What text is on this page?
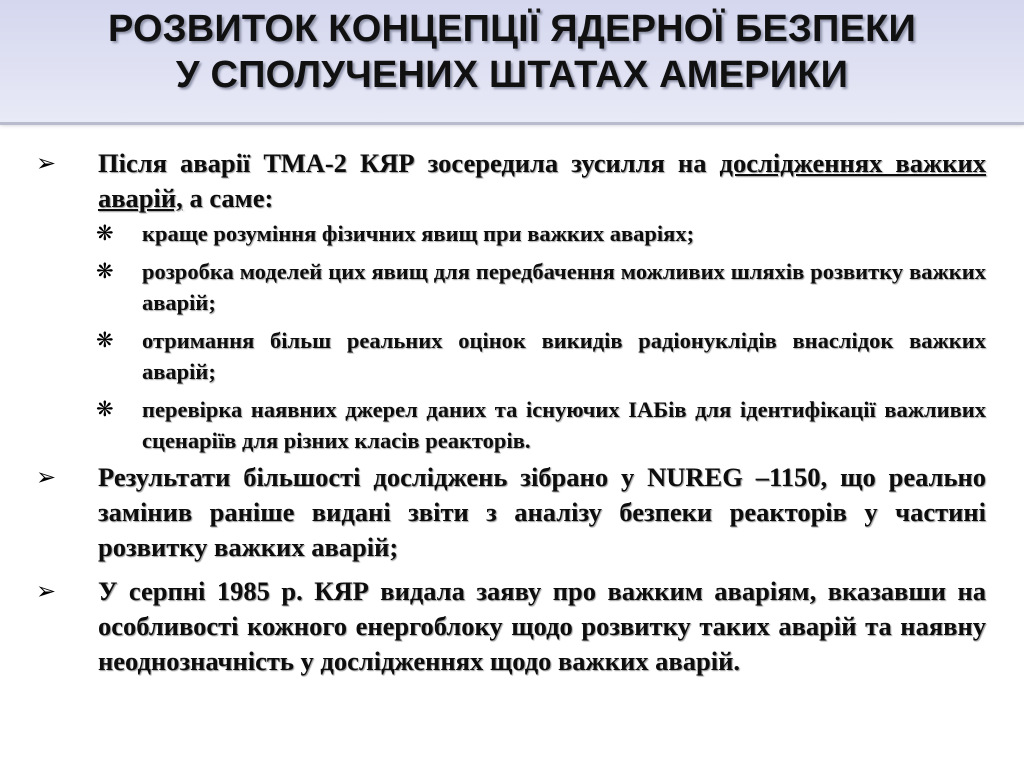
РОЗВИТОК КОНЦЕПЦІЇ ЯДЕРНОЇ БЕЗПЕКИ
У СПОЛУЧЕНИХ ШТАТАХ АМЕРИКИ

➢ Після аварії ТМА-2 КЯР зосередила зусилля на дослідженнях важких аварій, а саме:

❋ краще розуміння фізичних явищ при важких аваріях;

❋ розробка моделей цих явищ для передбачення можливих шляхів розвитку важких аварій;

❋ отримання більш реальних оцінок викидів радіонуклідів внаслідок важких аварій;

❋ перевірка наявних джерел даних та існуючих ІАБів для ідентифікації важливих сценаріїв для різних класів реакторів.

➢ Результати більшості досліджень зібрано у NUREG –1150, що реально замінив раніше видані звіти з аналізу безпеки реакторів у частині розвитку важких аварій;

➢ У серпні 1985 р. КЯР видала заяву про важким аваріям, вказавши на особливості кожного енергоблоку щодо розвитку таких аварій та наявну неоднозначність у дослідженнях щодо важких аварій.
